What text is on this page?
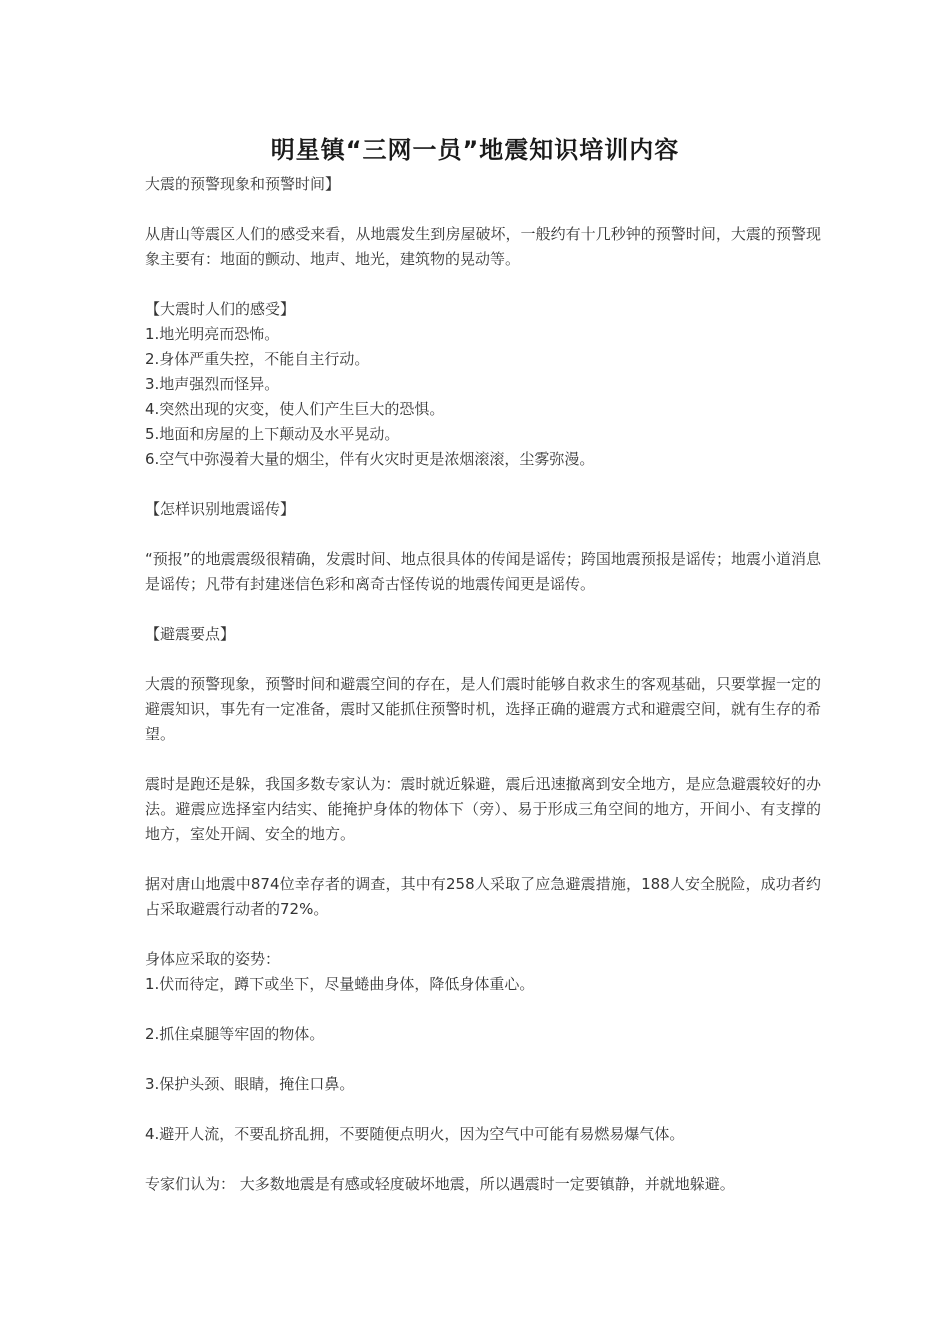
明星镇“三网一员”地震知识培训内容

大震的预警现象和预警时间】

从唐山等震区人们的感受来看，从地震发生到房屋破坏，一般约有十几秒钟的预警时间，大震的预警现象主要有：地面的颤动、地声、地光，建筑物的晃动等。

【大震时人们的感受】

1.地光明亮而恐怖。

2.身体严重失控，不能自主行动。

3.地声强烈而怪异。

4.突然出现的灾变，使人们产生巨大的恐惧。

5.地面和房屋的上下颠动及水平晃动。

6.空气中弥漫着大量的烟尘，伴有火灾时更是浓烟滚滚，尘雾弥漫。

【怎样识别地震谣传】

“预报”的地震震级很精确，发震时间、地点很具体的传闻是谣传；跨国地震预报是谣传；地震小道消息是谣传；凡带有封建迷信色彩和离奇古怪传说的地震传闻更是谣传。

【避震要点】

大震的预警现象，预警时间和避震空间的存在，是人们震时能够自救求生的客观基础，只要掌握一定的避震知识，事先有一定准备，震时又能抓住预警时机，选择正确的避震方式和避震空间，就有生存的希望。

震时是跑还是躲，我国多数专家认为：震时就近躲避，震后迅速撤离到安全地方，是应急避震较好的办法。避震应选择室内结实、能掩护身体的物体下（旁）、易于形成三角空间的地方，开间小、有支撑的地方，室处开阔、安全的地方。

据对唐山地震中874位幸存者的调查，其中有258人采取了应急避震措施，188人安全脱险，成功者约占采取避震行动者的72%。

身体应采取的姿势：

1.伏而待定，蹲下或坐下，尽量蜷曲身体，降低身体重心。

2.抓住桌腿等牢固的物体。

3.保护头颈、眼睛，掩住口鼻。

4.避开人流，不要乱挤乱拥，不要随便点明火，因为空气中可能有易燃易爆气体。

专家们认为： 大多数地震是有感或轻度破坏地震，所以遇震时一定要镇静，并就地躲避。
